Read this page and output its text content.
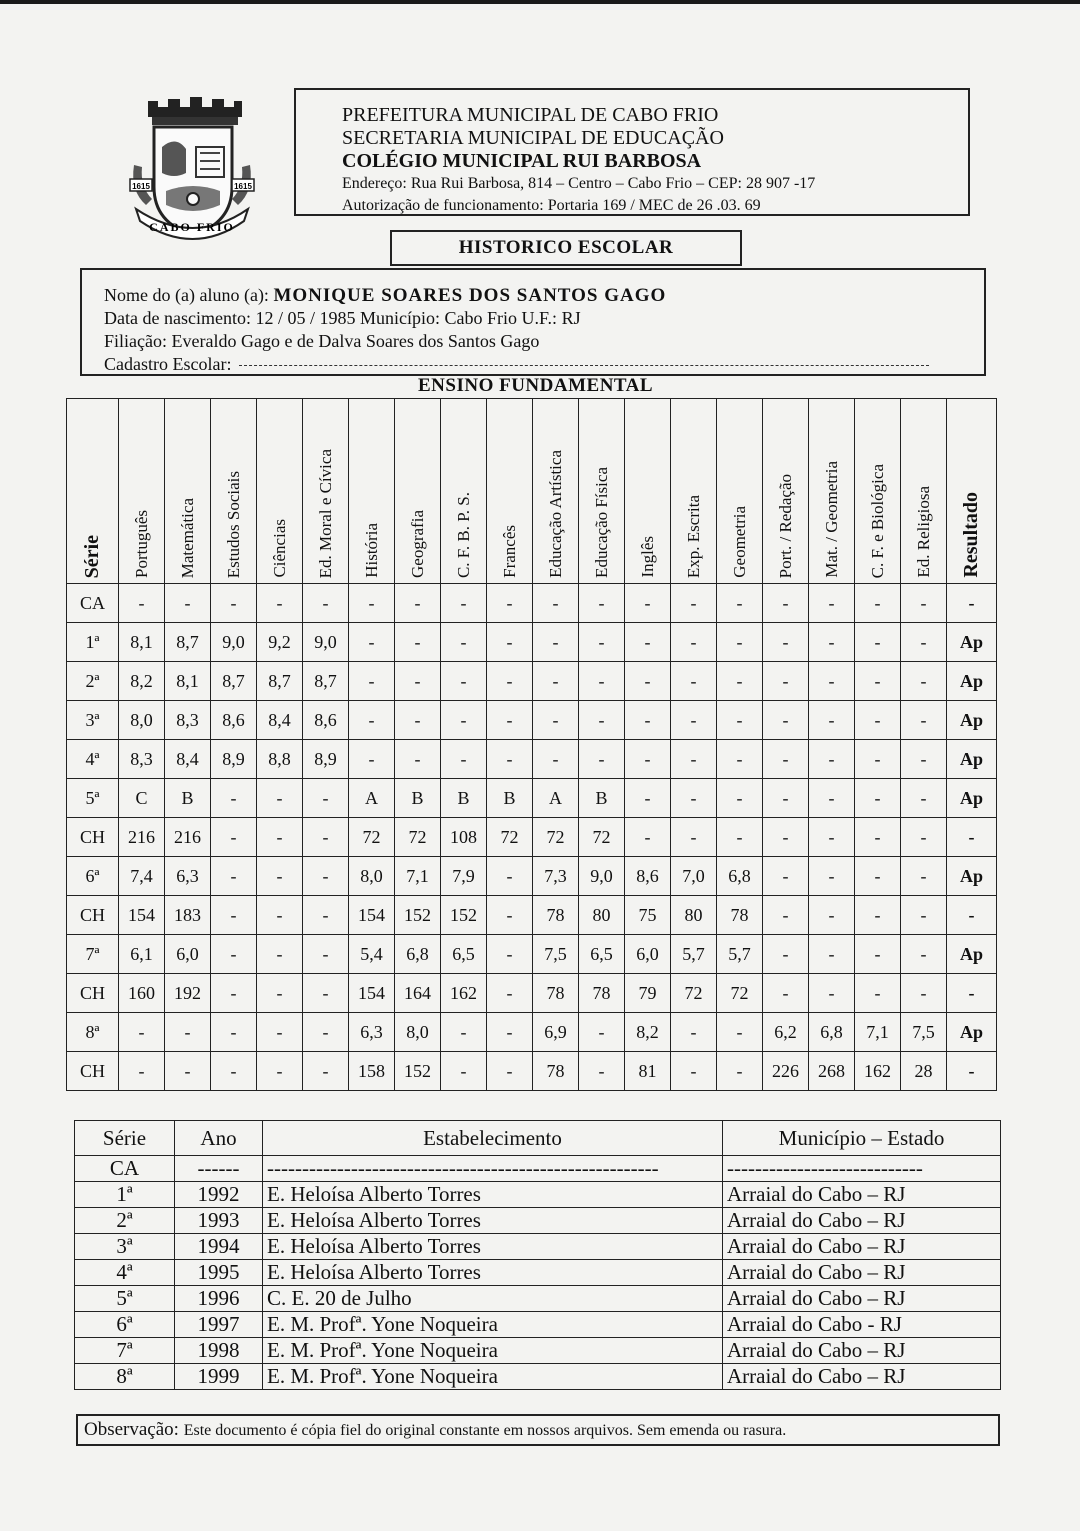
1615	1615
CABO FRIO
PREFEITURA MUNICIPAL DE CABO FRIO
SECRETARIA MUNICIPAL DE EDUCAÇÃO
COLÉGIO MUNICIPAL RUI BARBOSA
Endereço: Rua Rui Barbosa, 814 – Centro – Cabo Frio – CEP: 28 907 -17
Autorização de funcionamento: Portaria 169 / MEC de 26 .03. 69
HISTORICO ESCOLAR
Nome do (a) aluno (a): MONIQUE SOARES DOS SANTOS GAGO
Data de nascimento: 12 / 05 / 1985 Município: Cabo Frio U.F.: RJ
Filiação: Everaldo Gago e de Dalva Soares dos Santos Gago
Cadastro Escolar:
ENSINO FUNDAMENTAL
Série	Português	Matemática	Estudos Sociais	Ciências	Ed. Moral e Cívica	História	Geografia	C. F. B. P. S.	Francês	Educação Artística	Educação Física	Inglês	Exp. Escrita	Geometria	Port. / Redação	Mat. / Geometria	C. F. e Biológica	Ed. Religiosa	Resultado
CA	-	-	-	-	-	-	-	-	-	-	-	-	-	-	-	-	-	-	-
1ª	8,1	8,7	9,0	9,2	9,0	-	-	-	-	-	-	-	-	-	-	-	-	-	Ap
2ª	8,2	8,1	8,7	8,7	8,7	-	-	-	-	-	-	-	-	-	-	-	-	-	Ap
3ª	8,0	8,3	8,6	8,4	8,6	-	-	-	-	-	-	-	-	-	-	-	-	-	Ap
4ª	8,3	8,4	8,9	8,8	8,9	-	-	-	-	-	-	-	-	-	-	-	-	-	Ap
5ª	C	B	-	-	-	A	B	B	B	A	B	-	-	-	-	-	-	-	Ap
CH	216	216	-	-	-	72	72	108	72	72	72	-	-	-	-	-	-	-	-
6ª	7,4	6,3	-	-	-	8,0	7,1	7,9	-	7,3	9,0	8,6	7,0	6,8	-	-	-	-	Ap
CH	154	183	-	-	-	154	152	152	-	78	80	75	80	78	-	-	-	-	-
7ª	6,1	6,0	-	-	-	5,4	6,8	6,5	-	7,5	6,5	6,0	5,7	5,7	-	-	-	-	Ap
CH	160	192	-	-	-	154	164	162	-	78	78	79	72	72	-	-	-	-	-
8ª	-	-	-	-	-	6,3	8,0	-	-	6,9	-	8,2	-	-	6,2	6,8	7,1	7,5	Ap
CH	-	-	-	-	-	158	152	-	-	78	-	81	-	-	226	268	162	28	-
Série	Ano	Estabelecimento	Município – Estado
CA	------	--------------------------------------------------------	----------------------------
1ª	1992	E. Heloísa Alberto Torres	Arraial do Cabo – RJ
2ª	1993	E. Heloísa Alberto Torres	Arraial do Cabo – RJ
3ª	1994	E. Heloísa Alberto Torres	Arraial do Cabo – RJ
4ª	1995	E. Heloísa Alberto Torres	Arraial do Cabo – RJ
5ª	1996	C. E. 20 de Julho	Arraial do Cabo – RJ
6ª	1997	E. M. Profª. Yone Noqueira	Arraial do Cabo - RJ
7ª	1998	E. M. Profª. Yone Noqueira	Arraial do Cabo – RJ
8ª	1999	E. M. Profª. Yone Noqueira	Arraial do Cabo – RJ
Observação: Este documento é cópia fiel do original constante em nossos arquivos. Sem emenda ou rasura.
